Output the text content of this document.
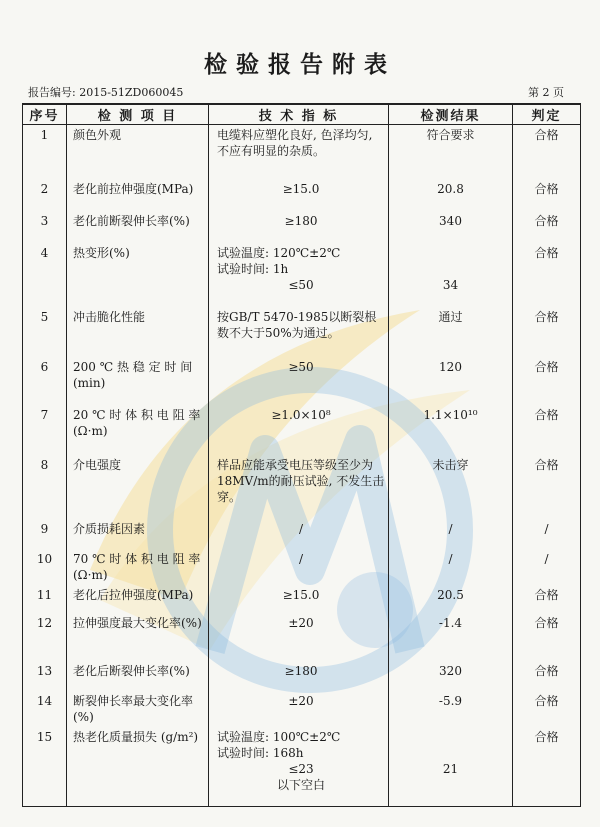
检验报告附表
报告编号: 2015-51ZD060045	第 2 页
序号	检 测 项 目	技 术 指 标	检测结果	判定
1	颜色外观	电缆料应塑化良好, 色泽均匀, 不应有明显的杂质。	符合要求	合格
2	老化前拉伸强度(MPa)	≥15.0	20.8	合格
3	老化前断裂伸长率(%)	≥180	340	合格
4	热变形(%)	试验温度: 120℃±2℃
试验时间: 1h
≤50	34	合格
5	冲击脆化性能	按GB/T 5470-1985以断裂根数不大于50%为通过。	通过	合格
6	200 ℃ 热 稳 定 时 间 (min)	≥50	120	合格
7	20 ℃ 时 体 积 电 阻 率 (Ω·m)	≥1.0×10⁸	1.1×10¹⁰	合格
8	介电强度	样品应能承受电压等级至少为18MV/m的耐压试验, 不发生击穿。	未击穿	合格
9	介质损耗因素	/	/	/
10	70 ℃ 时 体 积 电 阻 率 (Ω·m)	/	/	/
11	老化后拉伸强度(MPa)	≥15.0	20.5	合格
12	拉伸强度最大变化率(%)	±20	-1.4	合格
13	老化后断裂伸长率(%)	≥180	320	合格
14	断裂伸长率最大变化率(%)	±20	-5.9	合格
15	热老化质量损失 (g/m²)	试验温度: 100℃±2℃
试验时间: 168h
≤23
以下空白	21	合格
